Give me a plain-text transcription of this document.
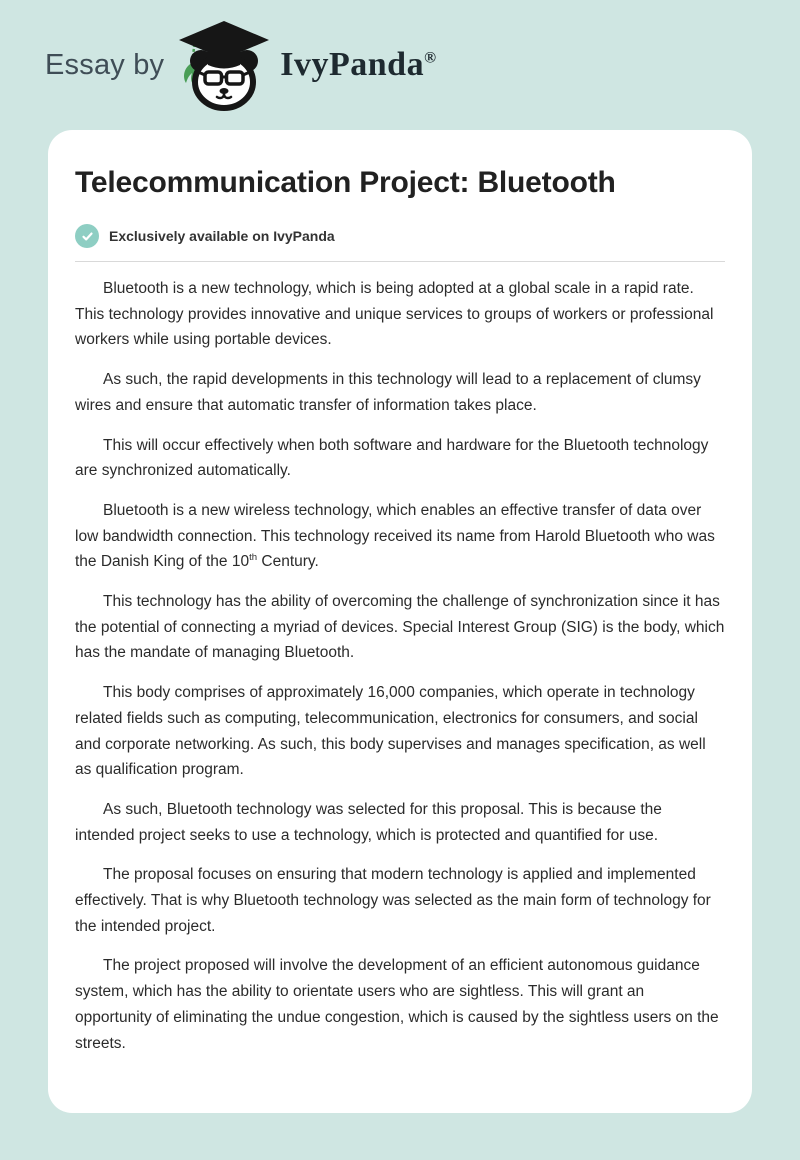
Essay by	IvyPanda®
Telecommunication Project: Bluetooth
Exclusively available on IvyPanda

Bluetooth is a new technology, which is being adopted at a global scale in a rapid rate. This technology provides innovative and unique services to groups of workers or professional workers while using portable devices.

As such, the rapid developments in this technology will lead to a replacement of clumsy wires and ensure that automatic transfer of information takes place.

This will occur effectively when both software and hardware for the Bluetooth technology are synchronized automatically.

Bluetooth is a new wireless technology, which enables an effective transfer of data over low bandwidth connection. This technology received its name from Harold Bluetooth who was the Danish King of the 10th Century.

This technology has the ability of overcoming the challenge of synchronization since it has the potential of connecting a myriad of devices. Special Interest Group (SIG) is the body, which has the mandate of managing Bluetooth.

This body comprises of approximately 16,000 companies, which operate in technology related fields such as computing, telecommunication, electronics for consumers, and social and corporate networking. As such, this body supervises and manages specification, as well as qualification program.

As such, Bluetooth technology was selected for this proposal. This is because the intended project seeks to use a technology, which is protected and quantified for use.

The proposal focuses on ensuring that modern technology is applied and implemented effectively. That is why Bluetooth technology was selected as the main form of technology for the intended project.

The project proposed will involve the development of an efficient autonomous guidance system, which has the ability to orientate users who are sightless. This will grant an opportunity of eliminating the undue congestion, which is caused by the sightless users on the streets.
